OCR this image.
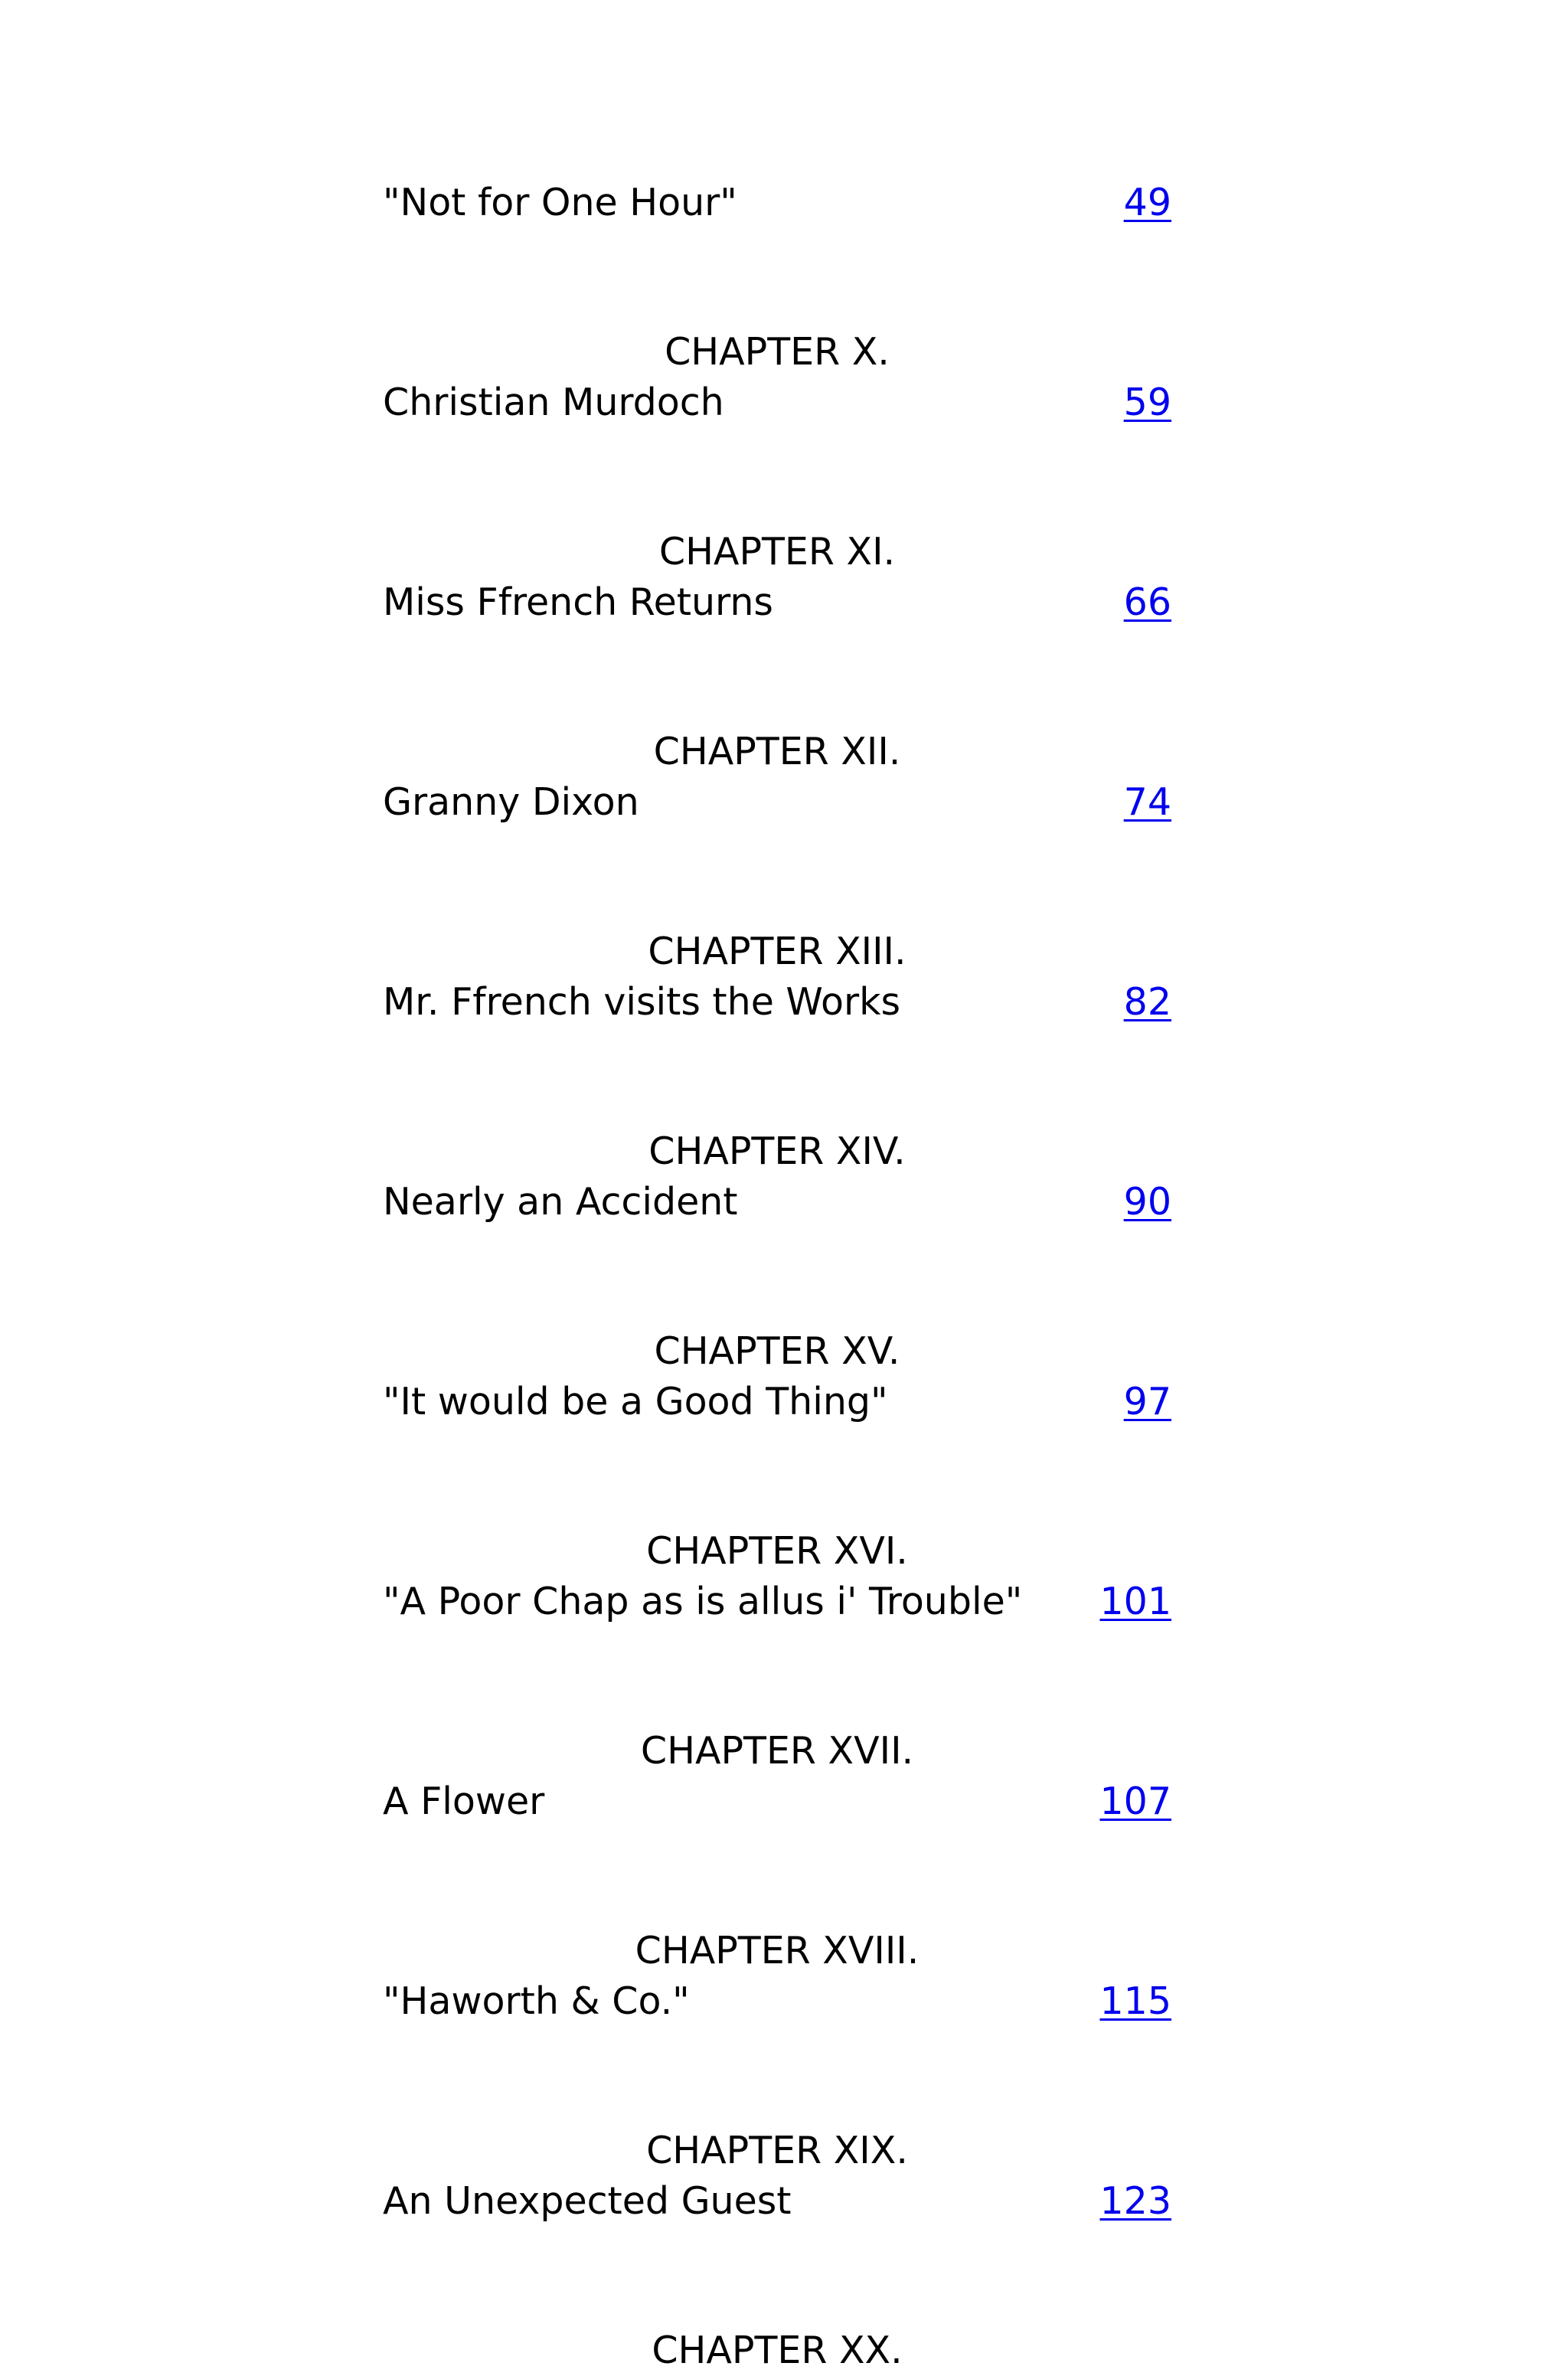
"Not for One Hour"	49
CHAPTER X.
Christian Murdoch	59
CHAPTER XI.
Miss Ffrench Returns	66
CHAPTER XII.
Granny Dixon	74
CHAPTER XIII.
Mr. Ffrench visits the Works	82
CHAPTER XIV.
Nearly an Accident	90
CHAPTER XV.
"It would be a Good Thing"	97
CHAPTER XVI.
"A Poor Chap as is allus i' Trouble" 101
CHAPTER XVII.
A Flower	107
CHAPTER XVIII.
"Haworth & Co."	115
CHAPTER XIX.
An Unexpected Guest	123
CHAPTER XX.
